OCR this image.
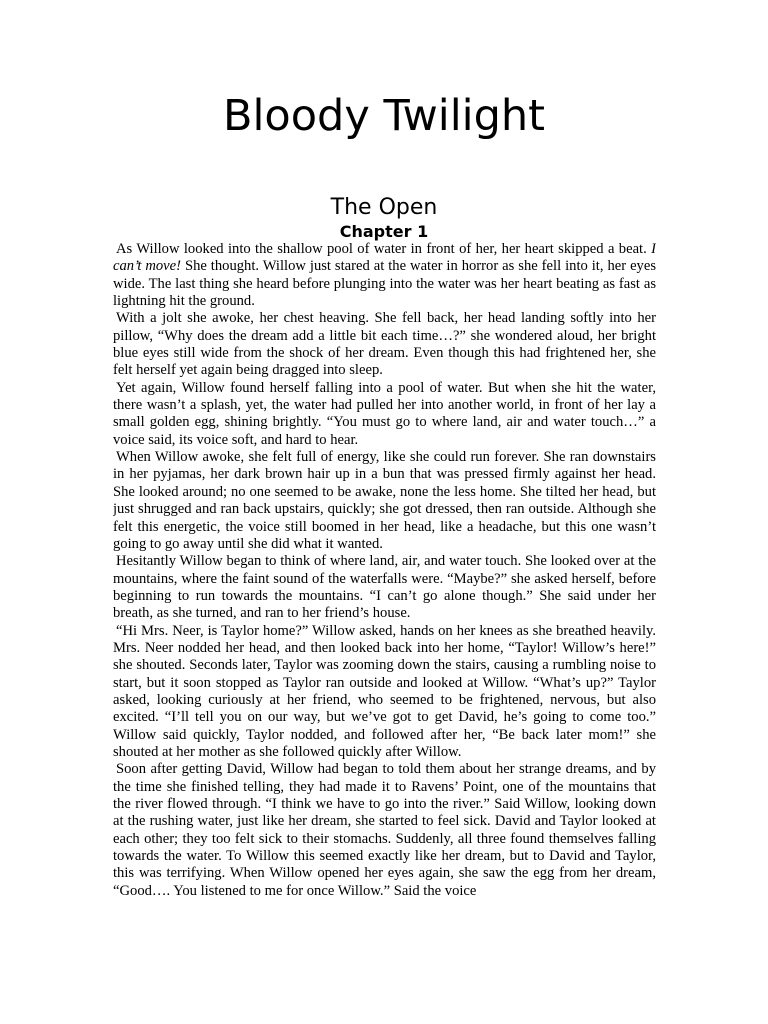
Bloody Twilight
The Open
Chapter 1

As Willow looked into the shallow pool of water in front of her, her heart skipped a beat. I can’t move! She thought. Willow just stared at the water in horror as she fell into it, her eyes wide. The last thing she heard before plunging into the water was her heart beating as fast as lightning hit the ground.

With a jolt she awoke, her chest heaving. She fell back, her head landing softly into her pillow, “Why does the dream add a little bit each time…?” she wondered aloud, her bright blue eyes still wide from the shock of her dream. Even though this had frightened her, she felt herself yet again being dragged into sleep.

Yet again, Willow found herself falling into a pool of water. But when she hit the water, there wasn’t a splash, yet, the water had pulled her into another world, in front of her lay a small golden egg, shining brightly. “You must go to where land, air and water touch…” a voice said, its voice soft, and hard to hear.

When Willow awoke, she felt full of energy, like she could run forever. She ran downstairs in her pyjamas, her dark brown hair up in a bun that was pressed firmly against her head. She looked around; no one seemed to be awake, none the less home. She tilted her head, but just shrugged and ran back upstairs, quickly; she got dressed, then ran outside. Although she felt this energetic, the voice still boomed in her head, like a headache, but this one wasn’t going to go away until she did what it wanted.

Hesitantly Willow began to think of where land, air, and water touch. She looked over at the mountains, where the faint sound of the waterfalls were. “Maybe?” she asked herself, before beginning to run towards the mountains. “I can’t go alone though.” She said under her breath, as she turned, and ran to her friend’s house.

“Hi Mrs. Neer, is Taylor home?” Willow asked, hands on her knees as she breathed heavily. Mrs. Neer nodded her head, and then looked back into her home, “Taylor! Willow’s here!” she shouted. Seconds later, Taylor was zooming down the stairs, causing a rumbling noise to start, but it soon stopped as Taylor ran outside and looked at Willow. “What’s up?” Taylor asked, looking curiously at her friend, who seemed to be frightened, nervous, but also excited. “I’ll tell you on our way, but we’ve got to get David, he’s going to come too.” Willow said quickly, Taylor nodded, and followed after her, “Be back later mom!” she shouted at her mother as she followed quickly after Willow.

Soon after getting David, Willow had began to told them about her strange dreams, and by the time she finished telling, they had made it to Ravens’ Point, one of the mountains that the river flowed through. “I think we have to go into the river.” Said Willow, looking down at the rushing water, just like her dream, she started to feel sick. David and Taylor looked at each other; they too felt sick to their stomachs. Suddenly, all three found themselves falling towards the water. To Willow this seemed exactly like her dream, but to David and Taylor, this was terrifying. When Willow opened her eyes again, she saw the egg from her dream, “Good…. You listened to me for once Willow.” Said the voice
